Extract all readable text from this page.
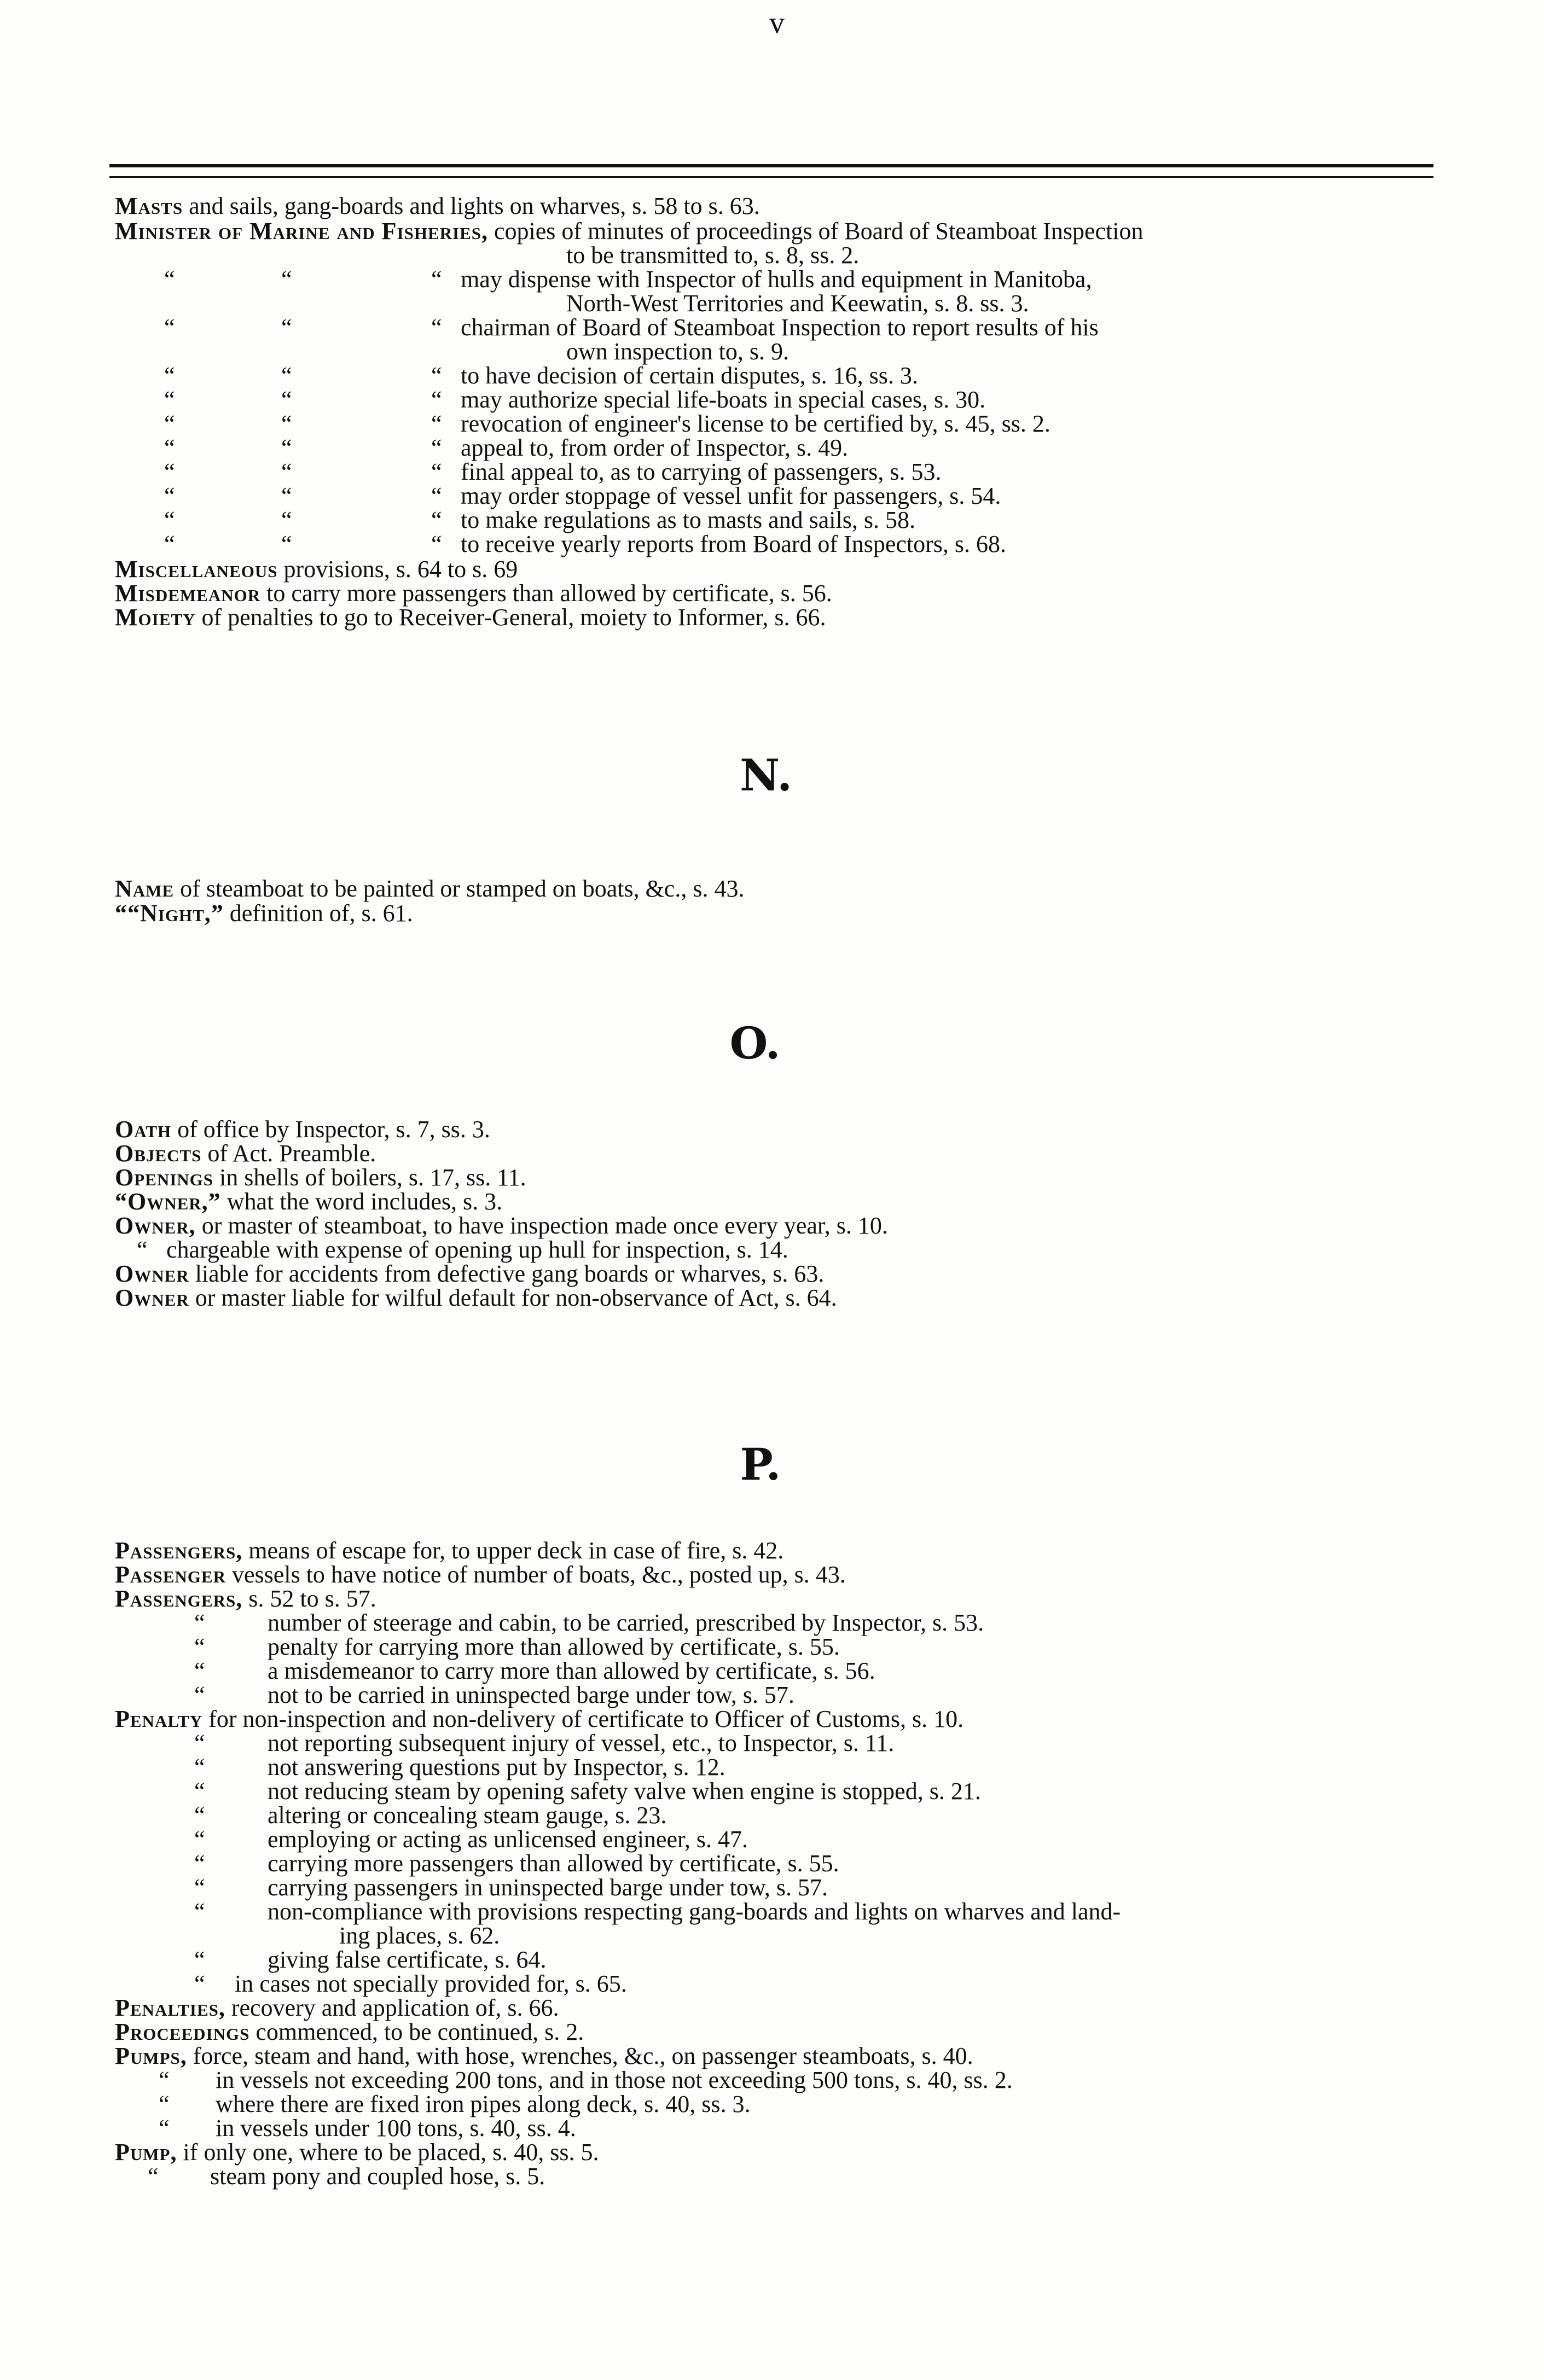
v
Masts and sails, gang-boards and lights on wharves, s. 58 to s. 63.
Minister of Marine and Fisheries, copies of minutes of proceedings of Board of Steamboat Inspection
to be transmitted to, s. 8, ss. 2.
“	“	“ may dispense with Inspector of hulls and equipment in Manitoba,
North-West Territories and Keewatin, s. 8. ss. 3.
“	“	“ chairman of Board of Steamboat Inspection to report results of his
own inspection to, s. 9.
“	“	“ to have decision of certain disputes, s. 16, ss. 3.
“	“	“ may authorize special life-boats in special cases, s. 30.
“	“	“ revocation of engineer's license to be certified by, s. 45, ss. 2.
“	“	“ appeal to, from order of Inspector, s. 49.
“	“	“ final appeal to, as to carrying of passengers, s. 53.
“	“	“ may order stoppage of vessel unfit for passengers, s. 54.
“	“	“ to make regulations as to masts and sails, s. 58.
“	“	“ to receive yearly reports from Board of Inspectors, s. 68.
Miscellaneous provisions, s. 64 to s. 69
Misdemeanor to carry more passengers than allowed by certificate, s. 56.
Moiety of penalties to go to Receiver-General, moiety to Informer, s. 66.
N.
Name of steamboat to be painted or stamped on boats, &c., s. 43.
““Night,” definition of, s. 61.
O.
Oath of office by Inspector, s. 7, ss. 3.
Objects of Act. Preamble.
Openings in shells of boilers, s. 17, ss. 11.
“Owner,” what the word includes, s. 3.
Owner, or master of steamboat, to have inspection made once every year, s. 10.
“ chargeable with expense of opening up hull for inspection, s. 14.
Owner liable for accidents from defective gang boards or wharves, s. 63.
Owner or master liable for wilful default for non-observance of Act, s. 64.
P.
Passengers, means of escape for, to upper deck in case of fire, s. 42.
Passenger vessels to have notice of number of boats, &c., posted up, s. 43.
Passengers, s. 52 to s. 57.
“	number of steerage and cabin, to be carried, prescribed by Inspector, s. 53.
“	penalty for carrying more than allowed by certificate, s. 55.
“	a misdemeanor to carry more than allowed by certificate, s. 56.
“	not to be carried in uninspected barge under tow, s. 57.
Penalty for non-inspection and non-delivery of certificate to Officer of Customs, s. 10.
“	not reporting subsequent injury of vessel, etc., to Inspector, s. 11.
“	not answering questions put by Inspector, s. 12.
“	not reducing steam by opening safety valve when engine is stopped, s. 21.
“	altering or concealing steam gauge, s. 23.
“	employing or acting as unlicensed engineer, s. 47.
“	carrying more passengers than allowed by certificate, s. 55.
“	carrying passengers in uninspected barge under tow, s. 57.
“	non-compliance with provisions respecting gang-boards and lights on wharves and land-
ing places, s. 62.
“	giving false certificate, s. 64.
“ in cases not specially provided for, s. 65.
Penalties, recovery and application of, s. 66.
Proceedings commenced, to be continued, s. 2.
Pumps, force, steam and hand, with hose, wrenches, &c., on passenger steamboats, s. 40.
“ in vessels not exceeding 200 tons, and in those not exceeding 500 tons, s. 40, ss. 2.
“ where there are fixed iron pipes along deck, s. 40, ss. 3.
“ in vessels under 100 tons, s. 40, ss. 4.
Pump, if only one, where to be placed, s. 40, ss. 5.
“ steam pony and coupled hose, s. 5.
